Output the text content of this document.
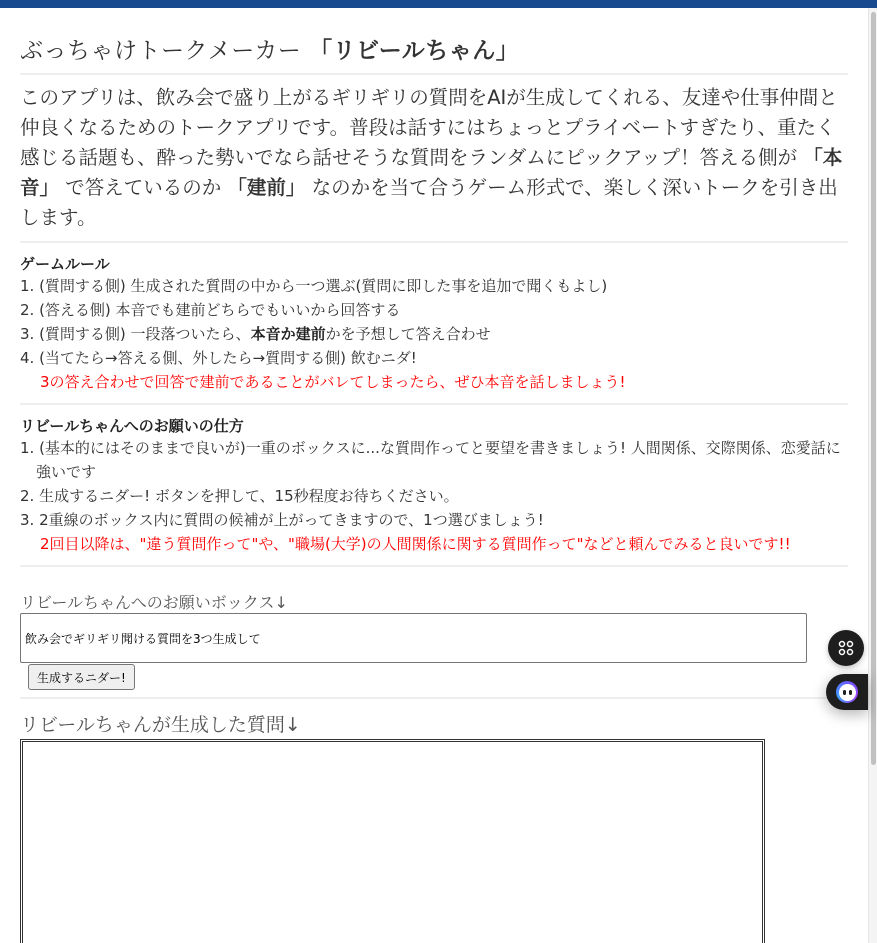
ぶっちゃけトークメーカー 「リビールちゃん」

このアプリは、飲み会で盛り上がるギリギリの質問をAIが生成してくれる、友達や仕事仲間と仲良くなるためのトークアプリです。普段は話すにはちょっとプライベートすぎたり、重たく感じる話題も、酔った勢いでなら話せそうな質問をランダムにピックアップ！答える側が 「本音」 で答えているのか 「建前」 なのかを当て合うゲーム形式で、楽しく深いトークを引き出します。

ゲームルール
1. (質問する側) 生成された質問の中から一つ選ぶ(質問に即した事を追加で聞くもよし)
2. (答える側) 本音でも建前どちらでもいいから回答する
3. (質問する側) 一段落ついたら、本音か建前かを予想して答え合わせ
4. (当てたら→答える側、外したら→質問する側) 飲むニダ!
3の答え合わせで回答で建前であることがバレてしまったら、ぜひ本音を話しましょう!
リビールちゃんへのお願いの仕方
1. (基本的にはそのままで良いが)一重のボックスに...な質問作ってと要望を書きましょう! 人間関係、交際関係、恋愛話に強いです
2. 生成するニダー! ボタンを押して、15秒程度お待ちください。
3. 2重線のボックス内に質問の候補が上がってきますので、1つ選びましょう!
2回目以降は、"違う質問作って"や、"職場(大学)の人間関係に関する質問作って"などと頼んでみると良いです!!
リビールちゃんへのお願いボックス↓
飲み会でギリギリ聞ける質問を3つ生成して
生成するニダー!
リビールちゃんが生成した質問↓
